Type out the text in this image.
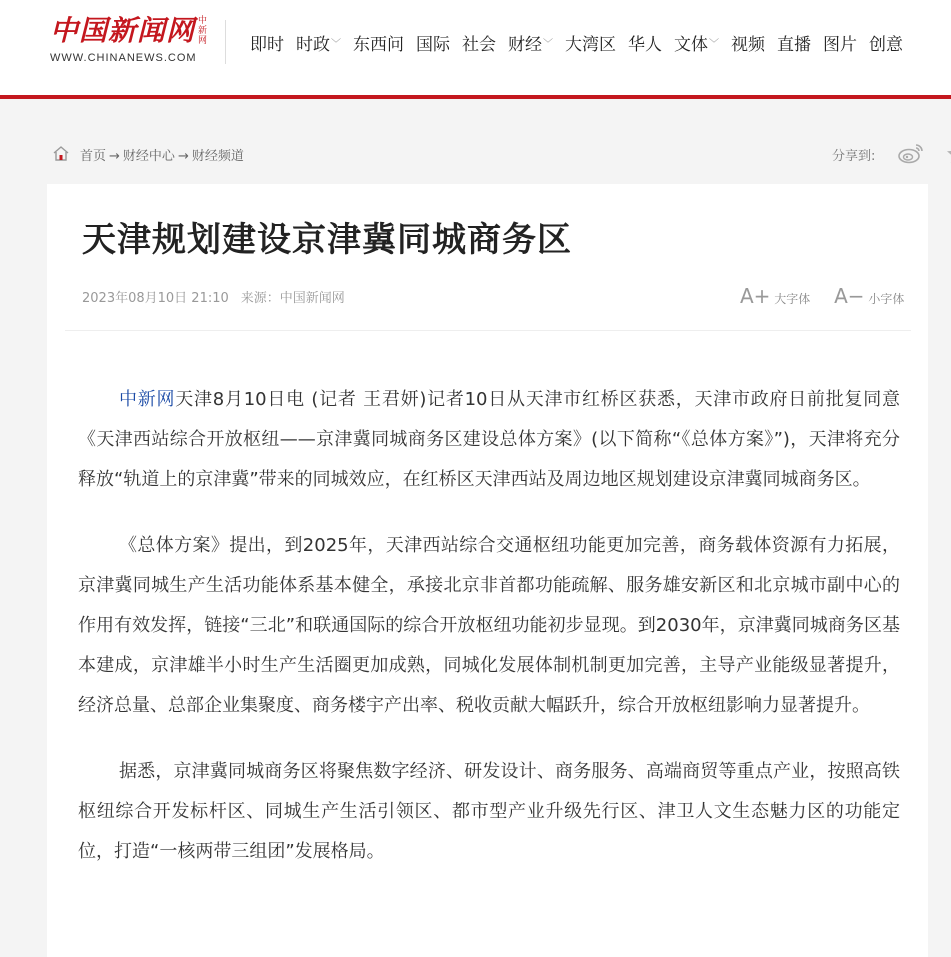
中国新闻网 中新网
WWW.CHINANEWS.COM
即时 时政﹀ 东西问 国际 社会 财经﹀ 大湾区 华人 文体﹀ 视频 直播 图片 创意
首页 → 财经中心 → 财经频道	分享到:
天津规划建设京津冀同城商务区
2023年08月10日 21:10 来源：中国新闻网	A+ 大字体 A− 小字体

中新网天津8月10日电 (记者 王君妍)记者10日从天津市红桥区获悉，天津市政府日前批复同意《天津西站综合开放枢纽——京津冀同城商务区建设总体方案》(以下简称“《总体方案》”)，天津将充分释放“轨道上的京津冀”带来的同城效应，在红桥区天津西站及周边地区规划建设京津冀同城商务区。

《总体方案》提出，到2025年，天津西站综合交通枢纽功能更加完善，商务载体资源有力拓展，京津冀同城生产生活功能体系基本健全，承接北京非首都功能疏解、服务雄安新区和北京城市副中心的作用有效发挥，链接“三北”和联通国际的综合开放枢纽功能初步显现。到2030年，京津冀同城商务区基本建成，京津雄半小时生产生活圈更加成熟，同城化发展体制机制更加完善，主导产业能级显著提升，经济总量、总部企业集聚度、商务楼宇产出率、税收贡献大幅跃升，综合开放枢纽影响力显著提升。

据悉，京津冀同城商务区将聚焦数字经济、研发设计、商务服务、高端商贸等重点产业，按照高铁枢纽综合开发标杆区、同城生产生活引领区、都市型产业升级先行区、津卫人文生态魅力区的功能定位，打造“一核两带三组团”发展格局。
